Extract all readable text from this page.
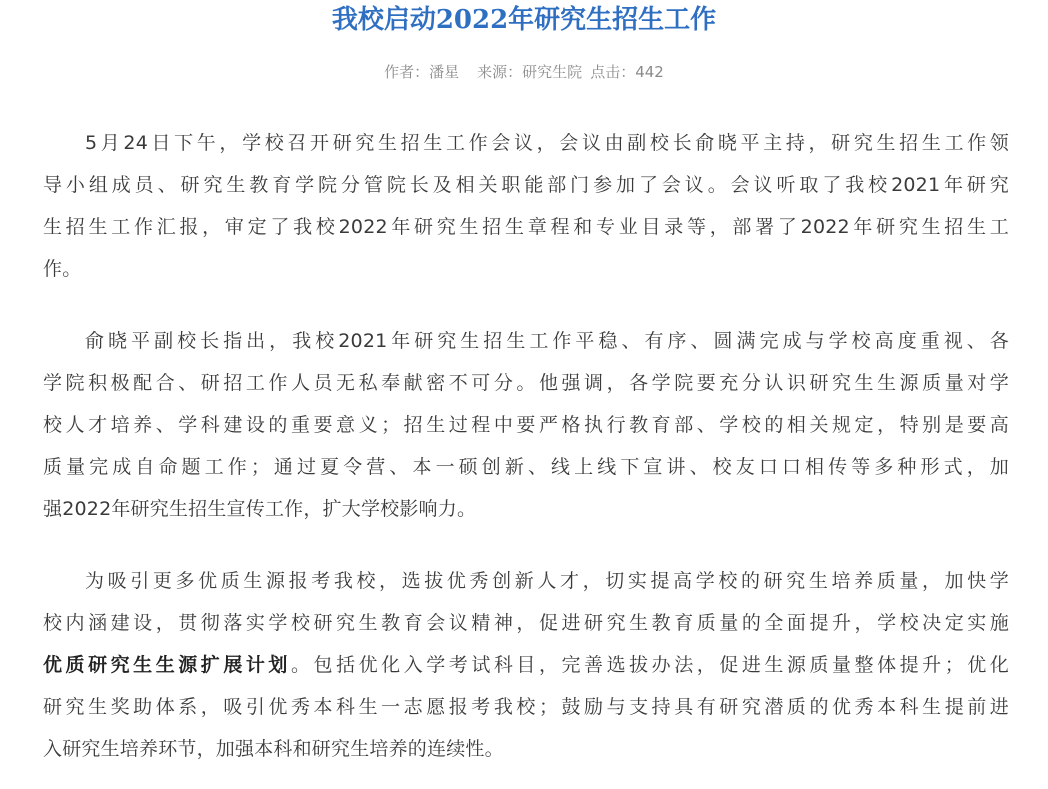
我校启动2022年研究生招生工作
作者：潘星 来源：研究生院 点击：442
5月24日下午，学校召开研究生招生工作会议，会议由副校长俞晓平主持，研究生招生工作领
导小组成员、研究生教育学院分管院长及相关职能部门参加了会议。会议听取了我校2021年研究
生招生工作汇报，审定了我校2022年研究生招生章程和专业目录等，部署了2022年研究生招生工
作。
俞晓平副校长指出，我校2021年研究生招生工作平稳、有序、圆满完成与学校高度重视、各
学院积极配合、研招工作人员无私奉献密不可分。他强调，各学院要充分认识研究生生源质量对学
校人才培养、学科建设的重要意义；招生过程中要严格执行教育部、学校的相关规定，特别是要高
质量完成自命题工作；通过夏令营、本一硕创新、线上线下宣讲、校友口口相传等多种形式，加
强2022年研究生招生宣传工作，扩大学校影响力。
为吸引更多优质生源报考我校，选拔优秀创新人才，切实提高学校的研究生培养质量，加快学
校内涵建设，贯彻落实学校研究生教育会议精神，促进研究生教育质量的全面提升，学校决定实施
优质研究生生源扩展计划。包括优化入学考试科目，完善选拔办法，促进生源质量整体提升；优化
研究生奖助体系，吸引优秀本科生一志愿报考我校；鼓励与支持具有研究潜质的优秀本科生提前进
入研究生培养环节，加强本科和研究生培养的连续性。
